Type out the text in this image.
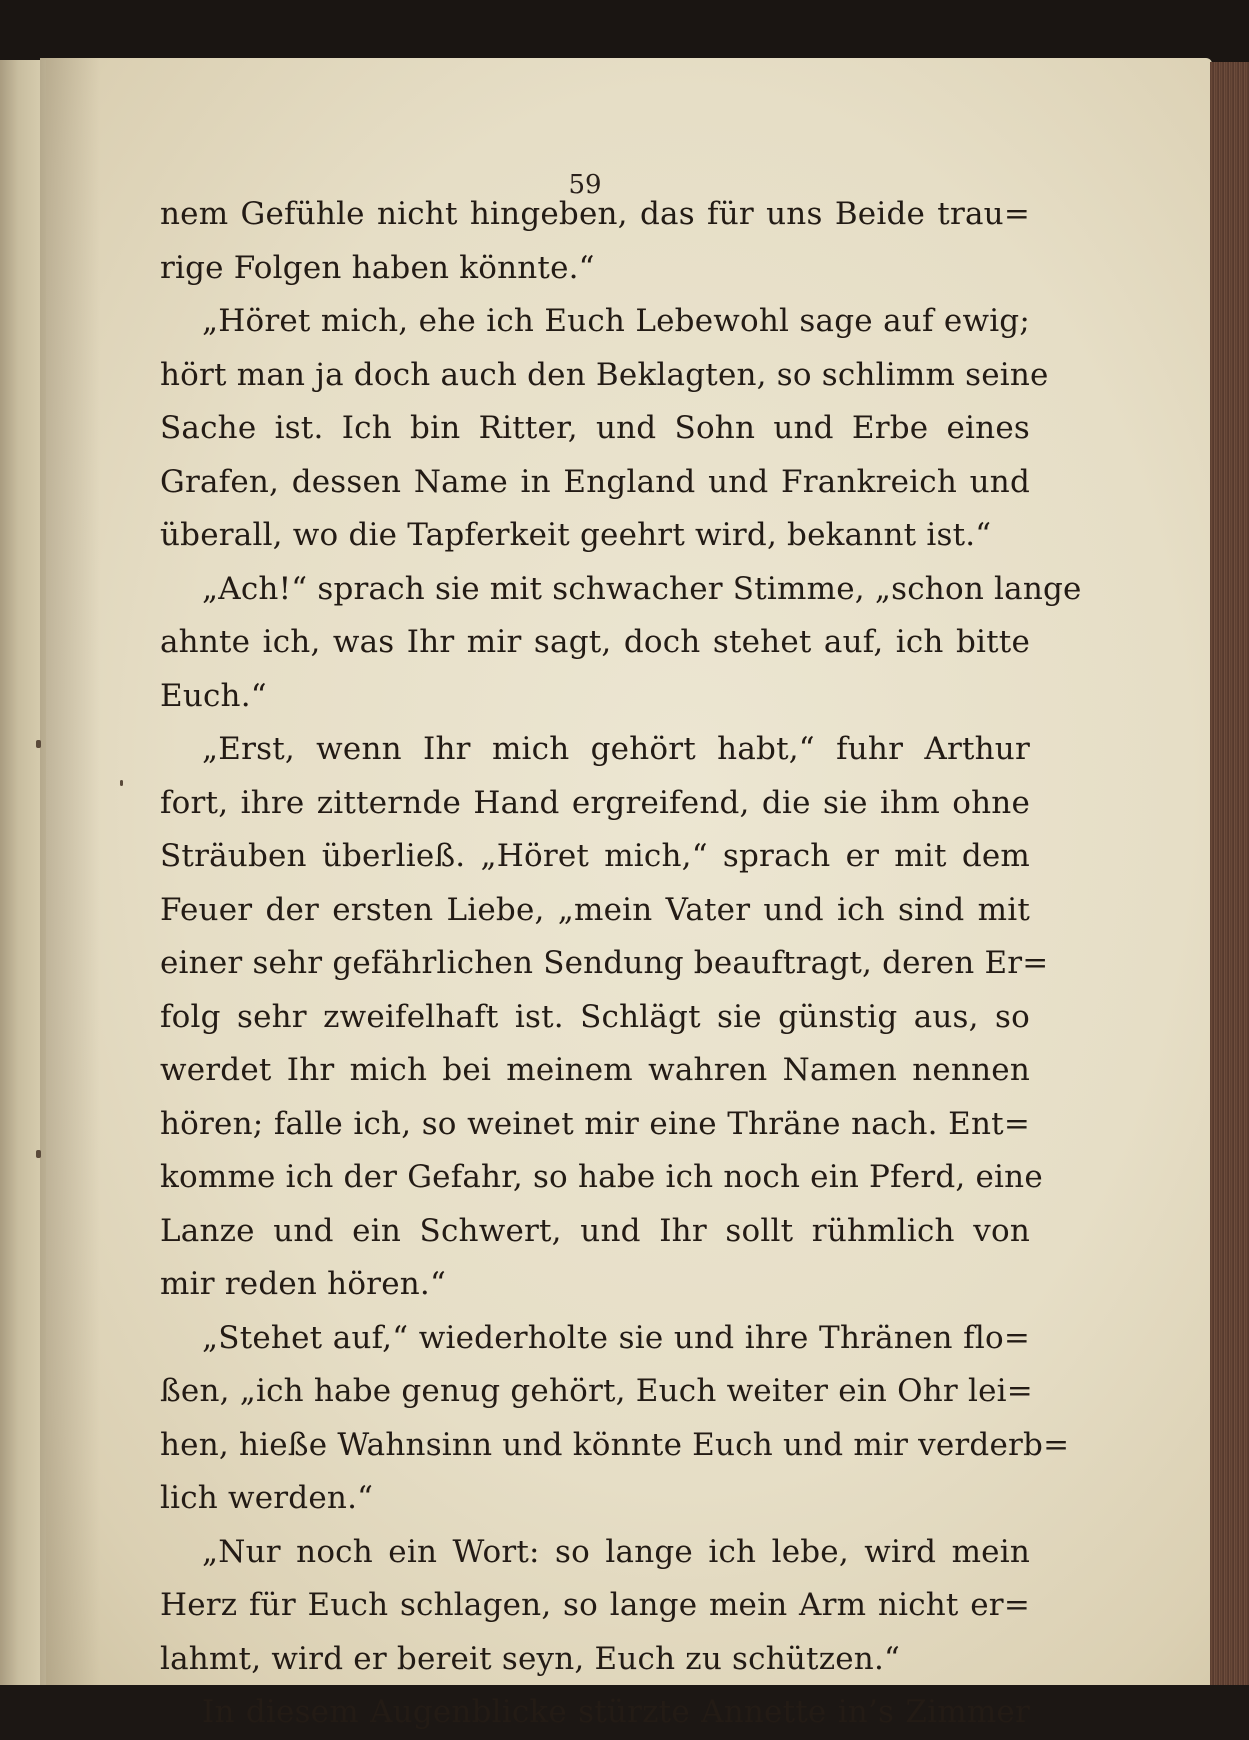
59
nem Gefühle nicht hingeben, das für uns Beide trau=
rige Folgen haben könnte.“
„Höret mich, ehe ich Euch Lebewohl sage auf ewig;
hört man ja doch auch den Beklagten, so schlimm seine
Sache ist. Ich bin Ritter, und Sohn und Erbe eines
Grafen, dessen Name in England und Frankreich und
überall, wo die Tapferkeit geehrt wird, bekannt ist.“
„Ach!“ sprach sie mit schwacher Stimme, „schon lange
ahnte ich, was Ihr mir sagt, doch stehet auf, ich bitte
Euch.“
„Erst, wenn Ihr mich gehört habt,“ fuhr Arthur
fort, ihre zitternde Hand ergreifend, die sie ihm ohne
Sträuben überließ. „Höret mich,“ sprach er mit dem
Feuer der ersten Liebe, „mein Vater und ich sind mit
einer sehr gefährlichen Sendung beauftragt, deren Er=
folg sehr zweifelhaft ist. Schlägt sie günstig aus, so
werdet Ihr mich bei meinem wahren Namen nennen
hören; falle ich, so weinet mir eine Thräne nach. Ent=
komme ich der Gefahr, so habe ich noch ein Pferd, eine
Lanze und ein Schwert, und Ihr sollt rühmlich von
mir reden hören.“
„Stehet auf,“ wiederholte sie und ihre Thränen flo=
ßen, „ich habe genug gehört, Euch weiter ein Ohr lei=
hen, hieße Wahnsinn und könnte Euch und mir verderb=
lich werden.“
„Nur noch ein Wort: so lange ich lebe, wird mein
Herz für Euch schlagen, so lange mein Arm nicht er=
lahmt, wird er bereit seyn, Euch zu schützen.“
In diesem Augenblicke stürzte Annette in’s Zimmer
